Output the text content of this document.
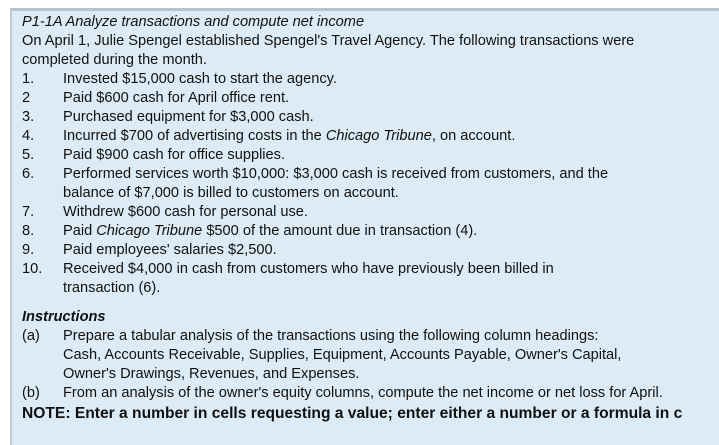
P1-1A Analyze transactions and compute net income
On April 1, Julie Spengel established Spengel's Travel Agency. The following transactions were
completed during the month.
1. Invested $15,000 cash to start the agency.
2 Paid $600 cash for April office rent.
3. Purchased equipment for $3,000 cash.
4. Incurred $700 of advertising costs in the Chicago Tribune, on account.
5. Paid $900 cash for office supplies.
6. Performed services worth $10,000: $3,000 cash is received from customers, and the
balance of $7,000 is billed to customers on account.
7. Withdrew $600 cash for personal use.
8. Paid Chicago Tribune $500 of the amount due in transaction (4).
9. Paid employees' salaries $2,500.
10. Received $4,000 in cash from customers who have previously been billed in
transaction (6).
Instructions
(a) Prepare a tabular analysis of the transactions using the following column headings:
Cash, Accounts Receivable, Supplies, Equipment, Accounts Payable, Owner's Capital,
Owner's Drawings, Revenues, and Expenses.
(b) From an analysis of the owner's equity columns, compute the net income or net loss for April.
NOTE: Enter a number in cells requesting a value; enter either a number or a formula in c
